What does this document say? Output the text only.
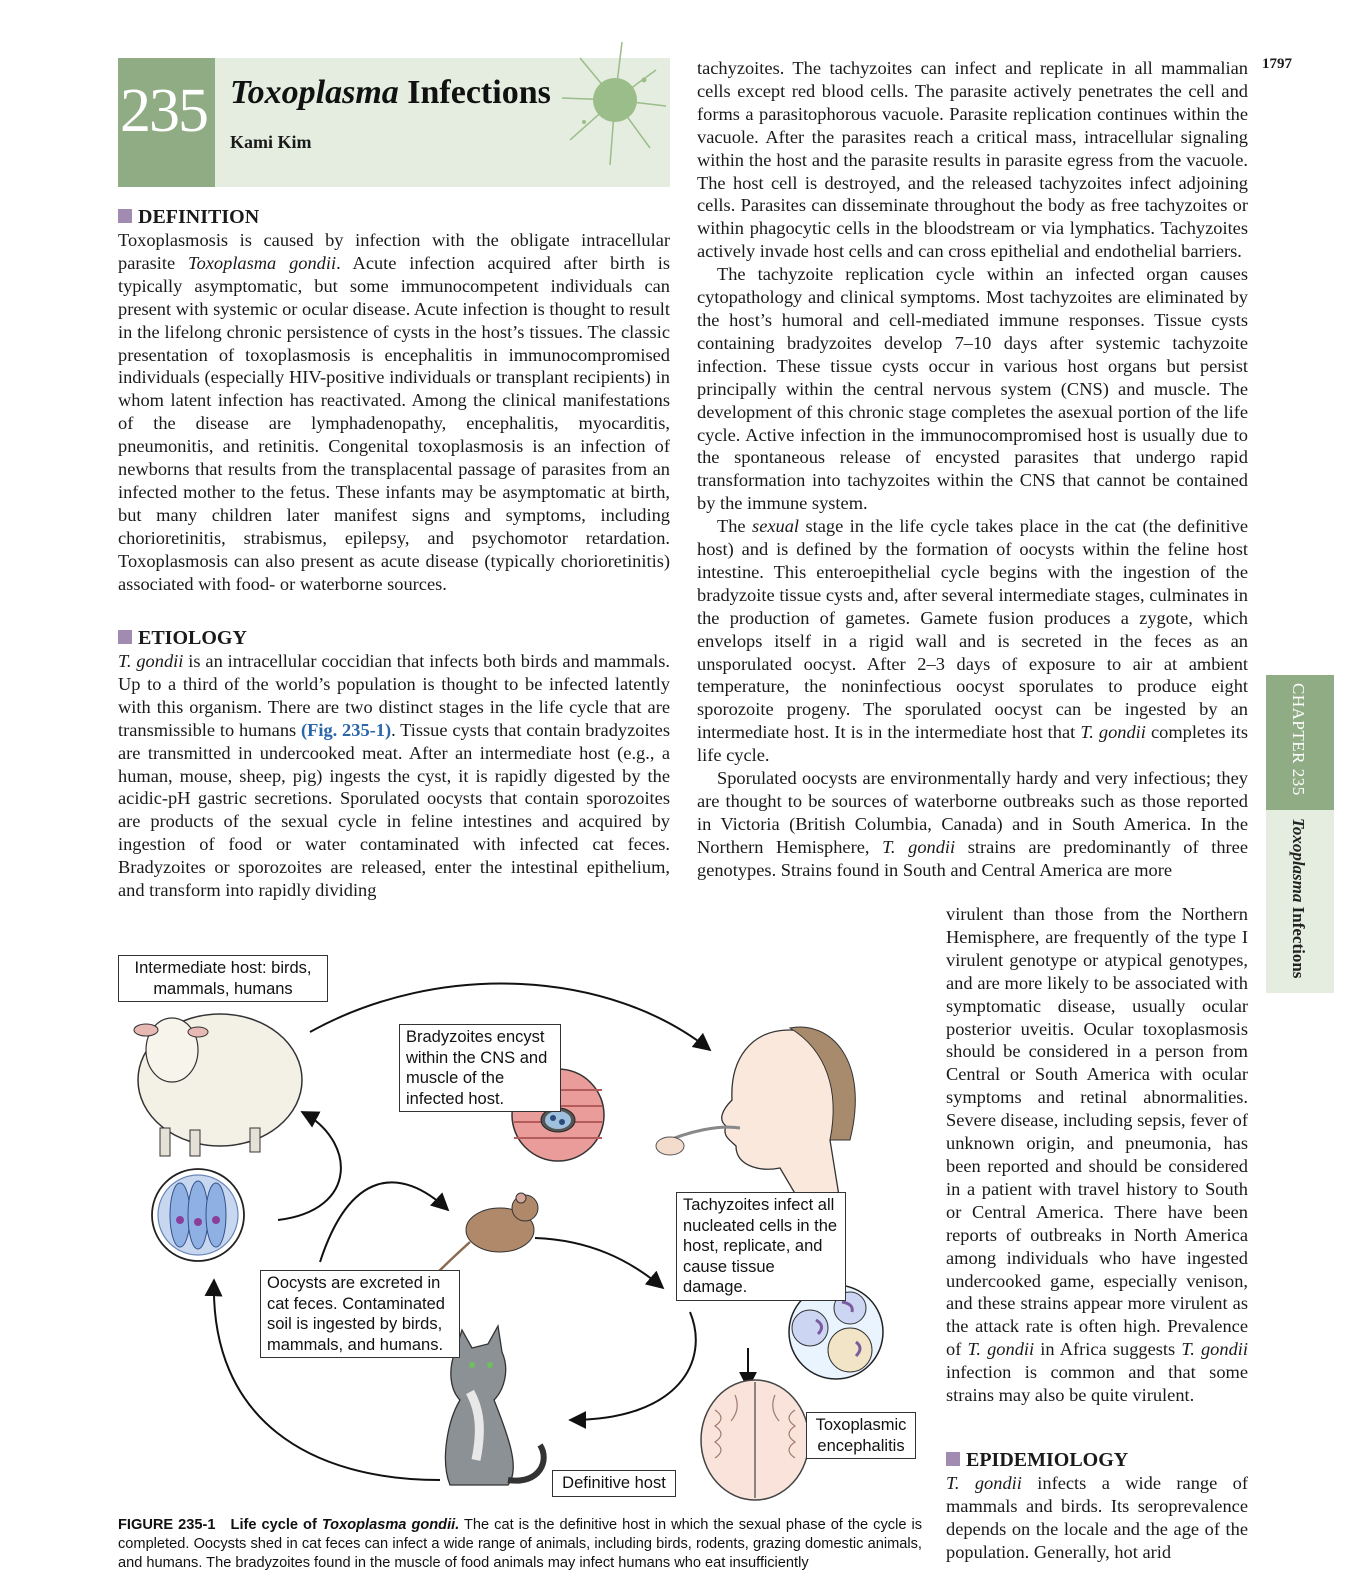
1797
235 Toxoplasma Infections
Kami Kim
DEFINITION

Toxoplasmosis is caused by infection with the obligate intracellular parasite Toxoplasma gondii. Acute infection acquired after birth is typically asymptomatic, but some immunocompetent individuals can present with systemic or ocular disease. Acute infection is thought to result in the lifelong chronic persistence of cysts in the host’s tissues. The classic presentation of toxoplasmosis is encephalitis in immunocompromised individuals (especially HIV-positive individuals or transplant recipients) in whom latent infection has reactivated. Among the clinical manifestations of the disease are lymphadenopathy, encephalitis, myocarditis, pneumonitis, and retinitis. Congenital toxoplasmosis is an infection of newborns that results from the transplacental passage of parasites from an infected mother to the fetus. These infants may be asymptomatic at birth, but many children later manifest signs and symptoms, including chorioretinitis, strabismus, epilepsy, and psychomotor retardation. Toxoplasmosis can also present as acute disease (typically chorioretinitis) associated with food- or waterborne sources.

ETIOLOGY

T. gondii is an intracellular coccidian that infects both birds and mammals. Up to a third of the world’s population is thought to be infected latently with this organism. There are two distinct stages in the life cycle that are transmissible to humans (Fig. 235-1). Tissue cysts that contain bradyzoites are transmitted in undercooked meat. After an intermediate host (e.g., a human, mouse, sheep, pig) ingests the cyst, it is rapidly digested by the acidic-pH gastric secretions. Sporulated oocysts that contain sporozoites are products of the sexual cycle in feline intestines and acquired by ingestion of food or water contaminated with infected cat feces. Bradyzoites or sporozoites are released, enter the intestinal epithelium, and transform into rapidly dividing

tachyzoites. The tachyzoites can infect and replicate in all mammalian cells except red blood cells. The parasite actively penetrates the cell and forms a parasitophorous vacuole. Parasite replication continues within the vacuole. After the parasites reach a critical mass, intracellular signaling within the host and the parasite results in parasite egress from the vacuole. The host cell is destroyed, and the released tachyzoites infect adjoining cells. Parasites can disseminate throughout the body as free tachyzoites or within phagocytic cells in the bloodstream or via lymphatics. Tachyzoites actively invade host cells and can cross epithelial and endothelial barriers.

The tachyzoite replication cycle within an infected organ causes cytopathology and clinical symptoms. Most tachyzoites are eliminated by the host’s humoral and cell-mediated immune responses. Tissue cysts containing bradyzoites develop 7–10 days after systemic tachyzoite infection. These tissue cysts occur in various host organs but persist principally within the central nervous system (CNS) and muscle. The development of this chronic stage completes the asexual portion of the life cycle. Active infection in the immunocompromised host is usually due to the spontaneous release of encysted parasites that undergo rapid transformation into tachyzoites within the CNS that cannot be contained by the immune system.

The sexual stage in the life cycle takes place in the cat (the definitive host) and is defined by the formation of oocysts within the feline host intestine. This enteroepithelial cycle begins with the ingestion of the bradyzoite tissue cysts and, after several intermediate stages, culminates in the production of gametes. Gamete fusion produces a zygote, which envelops itself in a rigid wall and is secreted in the feces as an unsporulated oocyst. After 2–3 days of exposure to air at ambient temperature, the noninfectious oocyst sporulates to produce eight sporozoite progeny. The sporulated oocyst can be ingested by an intermediate host. It is in the intermediate host that T. gondii completes its life cycle.

Sporulated oocysts are environmentally hardy and very infectious; they are thought to be sources of waterborne outbreaks such as those reported in Victoria (British Columbia, Canada) and in South America. In the Northern Hemisphere, T. gondii strains are predominantly of three genotypes. Strains found in South and Central America are more

virulent than those from the Northern Hemisphere, are frequently of the type I virulent genotype or atypical genotypes, and are more likely to be associated with symptomatic disease, usually ocular posterior uveitis. Ocular toxoplasmosis should be considered in a person from Central or South America with ocular symptoms and retinal abnormalities. Severe disease, including sepsis, fever of unknown origin, and pneumonia, has been reported and should be considered in a patient with travel history to South or Central America. There have been reports of outbreaks in North America among individuals who have ingested undercooked game, especially venison, and these strains appear more virulent as the attack rate is often high. Prevalence of T. gondii in Africa suggests T. gondii infection is common and that some strains may also be quite virulent.

EPIDEMIOLOGY

T. gondii infects a wide range of mammals and birds. Its seroprevalence depends on the locale and the age of the population. Generally, hot arid

CHAPTER 235
Toxoplasma Infections
Intermediate host: birds, mammals, humans
Bradyzoites encyst within the CNS and muscle of the infected host.
Tachyzoites infect all nucleated cells in the host, replicate, and cause tissue damage.
Oocysts are excreted in cat feces. Contaminated soil is ingested by birds, mammals, and humans.
Toxoplasmic encephalitis
Definitive host
FIGURE 235-1 Life cycle of Toxoplasma gondii. The cat is the definitive host in which the sexual phase of the cycle is completed. Oocysts shed in cat feces can infect a wide range of animals, including birds, rodents, grazing domestic animals, and humans. The bradyzoites found in the muscle of food animals may infect humans who eat insufficiently
